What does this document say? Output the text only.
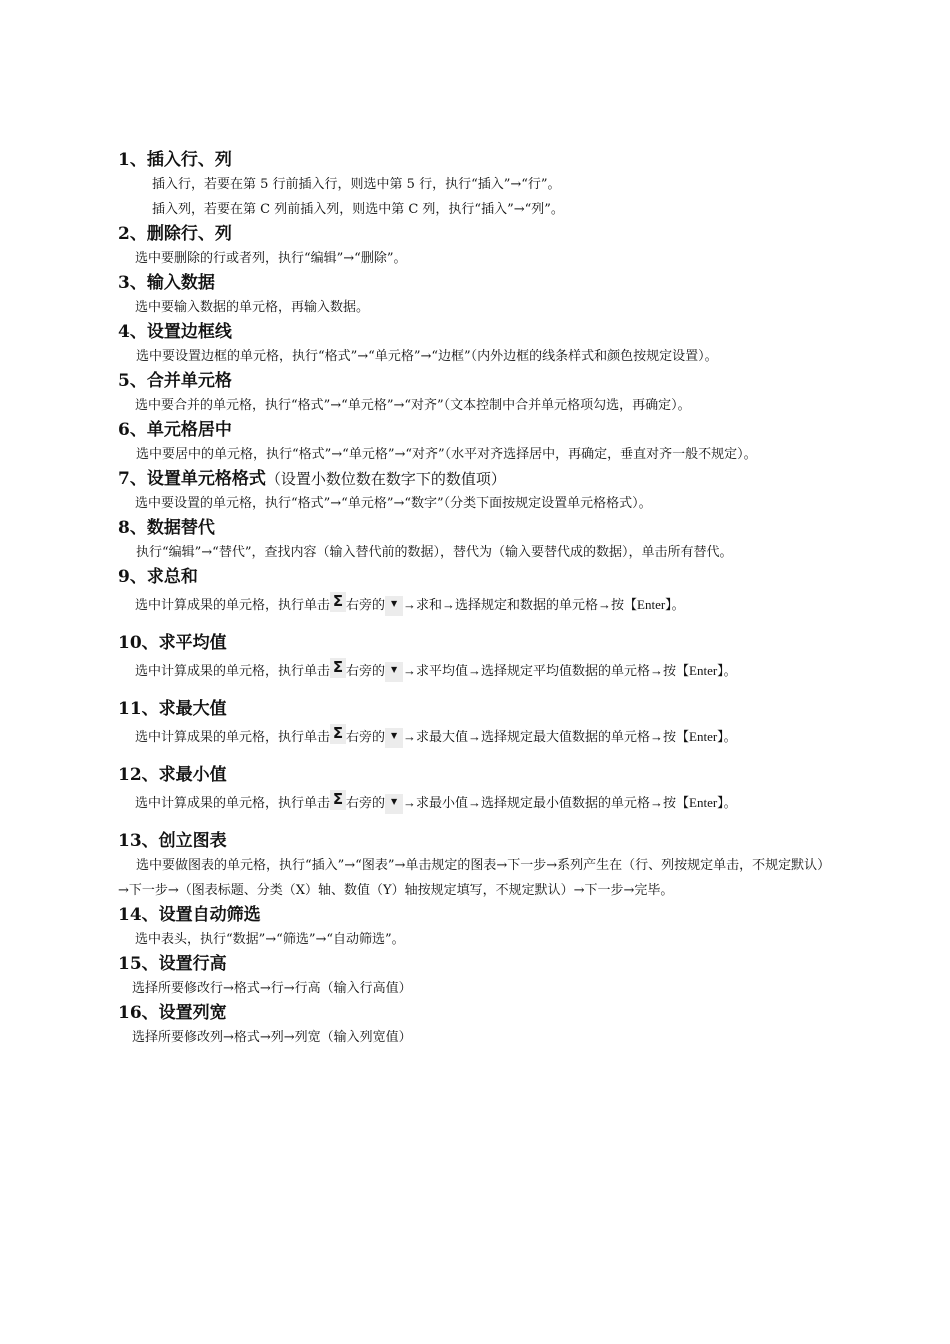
1、插入行、列

插入行，若要在第 5 行前插入行，则选中第 5 行，执行“插入”→“行”。

插入列，若要在第 C 列前插入列，则选中第 C 列，执行“插入”→“列”。

2、删除行、列

选中要删除的行或者列，执行“编辑”→“删除”。

3、输入数据

选中要输入数据的单元格，再输入数据。

4、设置边框线

选中要设置边框的单元格，执行“格式”→“单元格”→“边框”（内外边框的线条样式和颜色按规定设置）。

5、合并单元格

选中要合并的单元格，执行“格式”→“单元格”→“对齐”（文本控制中合并单元格项勾选，再确定）。

6、单元格居中

选中要居中的单元格，执行“格式”→“单元格”→“对齐”（水平对齐选择居中，再确定，垂直对齐一般不规定）。

7、设置单元格格式（设置小数位数在数字下的数值项）

选中要设置的单元格，执行“格式”→“单元格”→“数字”（分类下面按规定设置单元格格式）。

8、数据替代

执行“编辑”→“替代”，查找内容（输入替代前的数据），替代为（输入要替代成的数据），单击所有替代。

9、求总和

选中计算成果的单元格，执行单击 Σ 右旁的 ▼ →求和→选择规定和数据的单元格→按【Enter】。

10、求平均值

选中计算成果的单元格，执行单击 Σ 右旁的 ▼ →求平均值→选择规定平均值数据的单元格→按【Enter】。

11、求最大值

选中计算成果的单元格，执行单击 Σ 右旁的 ▼ →求最大值→选择规定最大值数据的单元格→按【Enter】。

12、求最小值

选中计算成果的单元格，执行单击 Σ 右旁的 ▼ →求最小值→选择规定最小值数据的单元格→按【Enter】。

13、创立图表

选中要做图表的单元格，执行“插入”→“图表”→单击规定的图表→下一步→系列产生在（行、列按规定单击，不规定默认）→下一步→（图表标题、分类（X）轴、数值（Y）轴按规定填写，不规定默认）→下一步→完毕。

14、设置自动筛选

选中表头，执行“数据”→“筛选”→“自动筛选”。

15、设置行高

选择所要修改行→格式→行→行高（输入行高值）

16、设置列宽

选择所要修改列→格式→列→列宽（输入列宽值）
